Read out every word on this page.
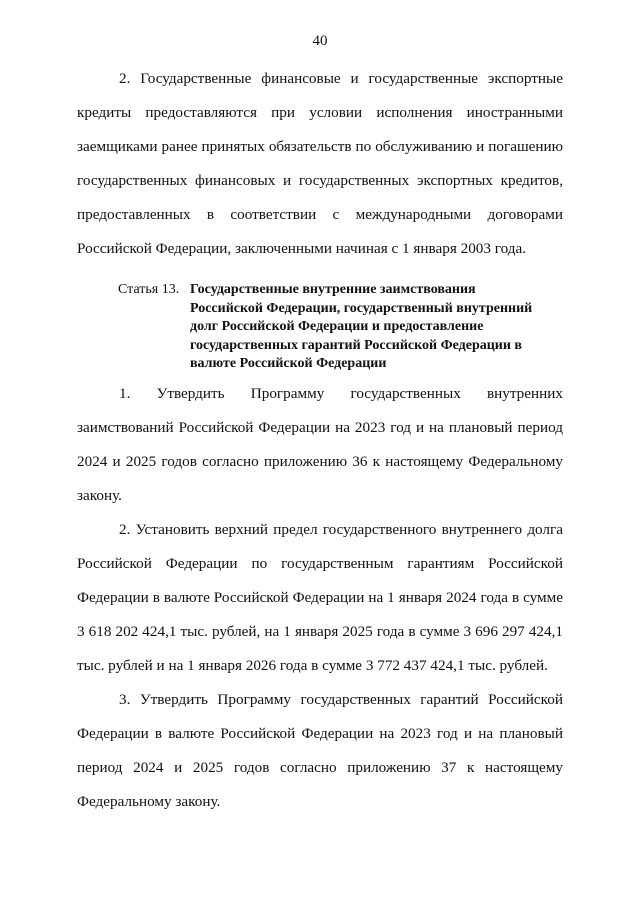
40

2. Государственные финансовые и государственные экспортные кредиты предоставляются при условии исполнения иностранными заемщиками ранее принятых обязательств по обслуживанию и погашению государственных финансовых и государственных экспортных кредитов, предоставленных в соответствии с международными договорами Российской Федерации, заключенными начиная с 1 января 2003 года.

Статья 13. Государственные внутренние заимствования
Российской Федерации, государственный внутренний
долг Российской Федерации и предоставление
государственных гарантий Российской Федерации в
валюте Российской Федерации

1. Утвердить Программу государственных внутренних заимствований Российской Федерации на 2023 год и на плановый период 2024 и 2025 годов согласно приложению 36 к настоящему Федеральному закону.

2. Установить верхний предел государственного внутреннего долга Российской Федерации по государственным гарантиям Российской Федерации в валюте Российской Федерации на 1 января 2024 года в сумме 3 618 202 424,1 тыс. рублей, на 1 января 2025 года в сумме 3 696 297 424,1 тыс. рублей и на 1 января 2026 года в сумме 3 772 437 424,1 тыс. рублей.

3. Утвердить Программу государственных гарантий Российской Федерации в валюте Российской Федерации на 2023 год и на плановый период 2024 и 2025 годов согласно приложению 37 к настоящему Федеральному закону.
